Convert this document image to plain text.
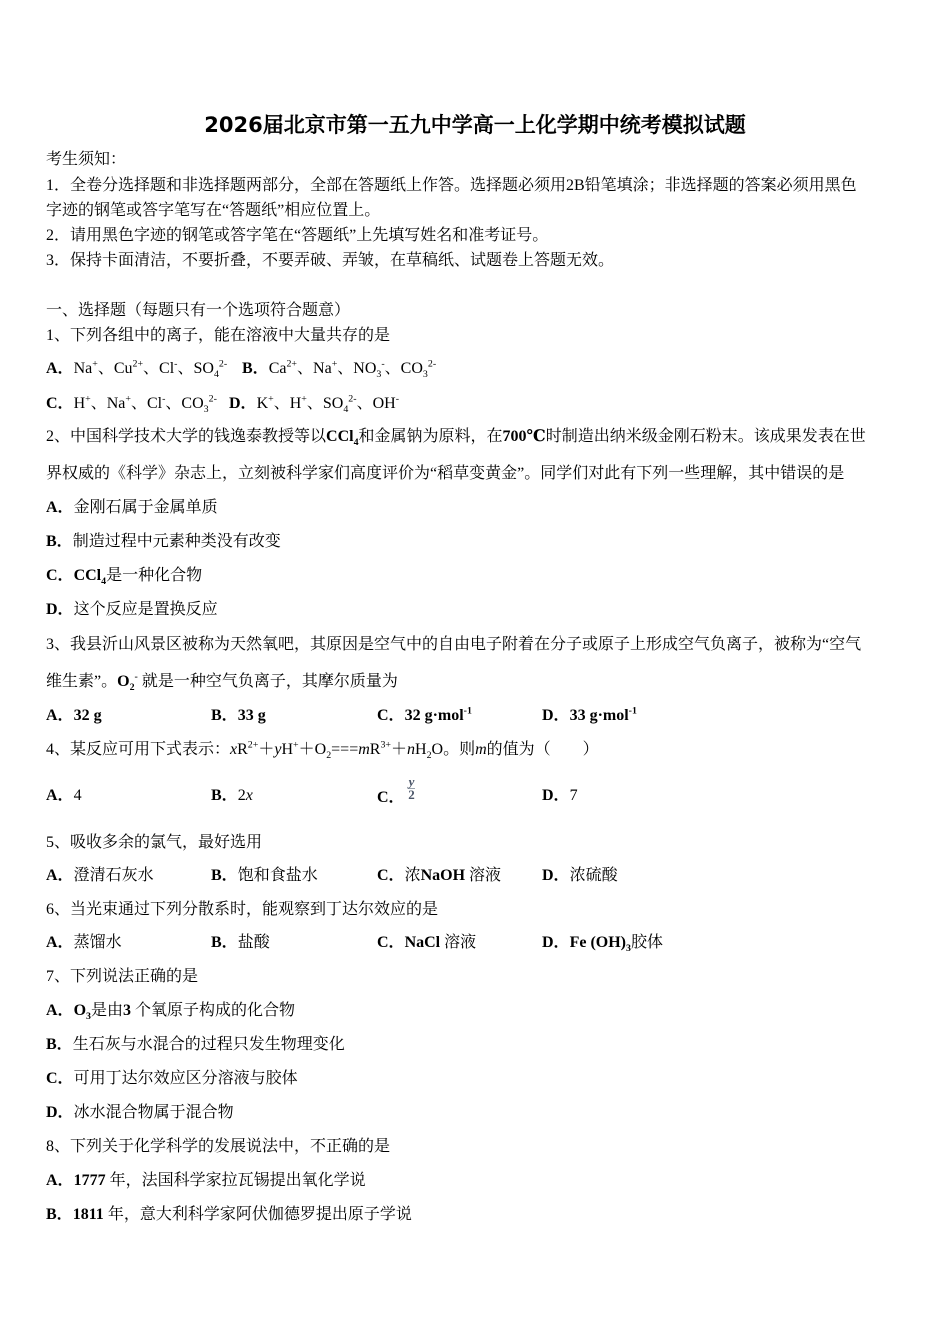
2026届北京市第一五九中学高一上化学期中统考模拟试题
考生须知：
1．全卷分选择题和非选择题两部分，全部在答题纸上作答。选择题必须用2B铅笔填涂；非选择题的答案必须用黑色
字迹的钢笔或答字笔写在“答题纸”相应位置上。
2．请用黑色字迹的钢笔或答字笔在“答题纸”上先填写姓名和准考证号。
3．保持卡面清洁，不要折叠，不要弄破、弄皱，在草稿纸、试题卷上答题无效。
一、选择题（每题只有一个选项符合题意）
1、下列各组中的离子，能在溶液中大量共存的是
A．Na+、$Cu^{2+}$、Cl-、$SO_4^{2-}$ B．$Ca^{2+}$、Na+、$NO_3^-$、$CO_3^{2-}$
C．H+、Na+、Cl-、$CO_3^{2-}$ D．K+、H+、$SO_4^{2-}$、OH-
2、中国科学技术大学的钱逸泰教授等以CCl$_4$和金属钠为原料，在700℃时制造出纳米级金刚石粉末。该成果发表在世
界权威的《科学》杂志上，立刻被科学家们高度评价为“稻草变黄金”。同学们对此有下列一些理解，其中错误的是
A．金刚石属于金属单质
B．制造过程中元素种类没有改变
C．CCl$_4$是一种化合物
D．这个反应是置换反应
3、我县沂山风景区被称为天然氧吧，其原因是空气中的自由电子附着在分子或原子上形成空气负离子，被称为“空气
维生素”。$O_2^-$ 就是一种空气负离子，其摩尔质量为
A．32 g	B．33 g	C．32 g·mol$^{-1}$	D．33 g·mol$^{-1}$
4、某反应可用下式表示：$xR^{2+}+yH^++O_2===mR^{3+}+nH_2O$。则m的值为（　　）
A．4	B．2x	C． $\frac{y}{2}$	D．7
5、吸收多余的氯气，最好选用
A．澄清石灰水	B．饱和食盐水	C．浓NaOH 溶液	D．浓硫酸
6、当光束通过下列分散系时，能观察到丁达尔效应的是
A．蒸馏水	B．盐酸	C．NaCl 溶液	D．Fe $(OH)_3$胶体
7、下列说法正确的是
A．$O_3$是由3 个氧原子构成的化合物
B．生石灰与水混合的过程只发生物理变化
C．可用丁达尔效应区分溶液与胶体
D．冰水混合物属于混合物
8、下列关于化学科学的发展说法中，不正确的是
A．1777 年，法国科学家拉瓦锡提出氧化学说
B．1811 年，意大利科学家阿伏伽德罗提出原子学说
